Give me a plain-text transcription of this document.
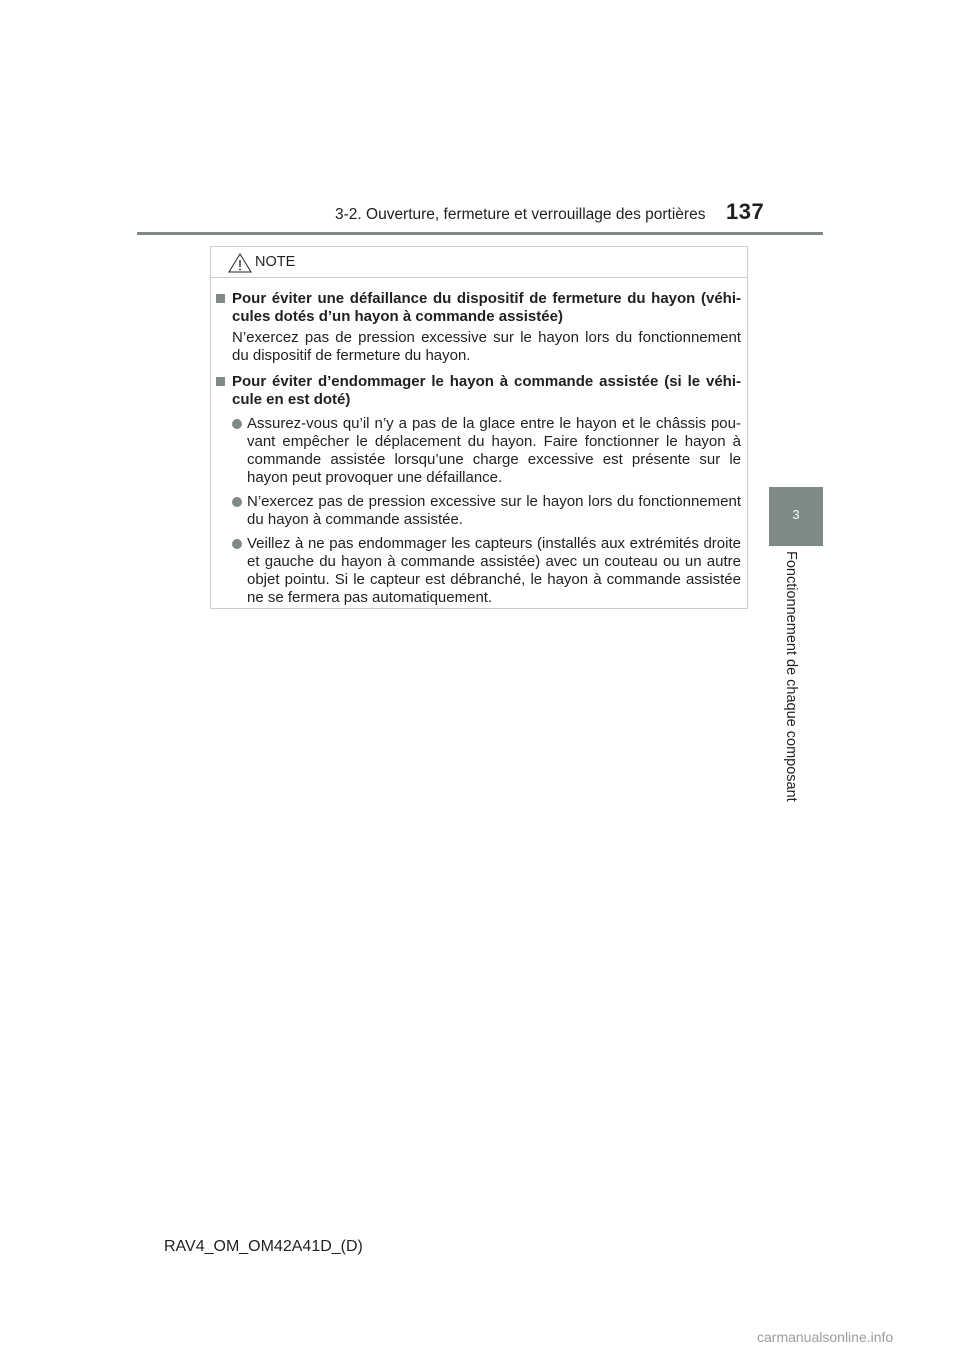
3-2. Ouverture, fermeture et verrouillage des portières 137
3
Fonctionnement de chaque composant
NOTE
Pour éviter une défaillance du dispositif de fermeture du hayon (véhi-cules dotés d’un hayon à commande assistée)
N’exercez pas de pression excessive sur le hayon lors du fonctionnement du dispositif de fermeture du hayon.
Pour éviter d’endommager le hayon à commande assistée (si le véhi-cule en est doté)
Assurez-vous qu’il n’y a pas de la glace entre le hayon et le châssis pou-vant empêcher le déplacement du hayon. Faire fonctionner le hayon à commande assistée lorsqu’une charge excessive est présente sur le hayon peut provoquer une défaillance.
N’exercez pas de pression excessive sur le hayon lors du fonctionnement du hayon à commande assistée.
Veillez à ne pas endommager les capteurs (installés aux extrémités droite et gauche du hayon à commande assistée) avec un couteau ou un autre objet pointu. Si le capteur est débranché, le hayon à commande assistée ne se fermera pas automatiquement.
RAV4_OM_OM42A41D_(D)
carmanualsonline.info
